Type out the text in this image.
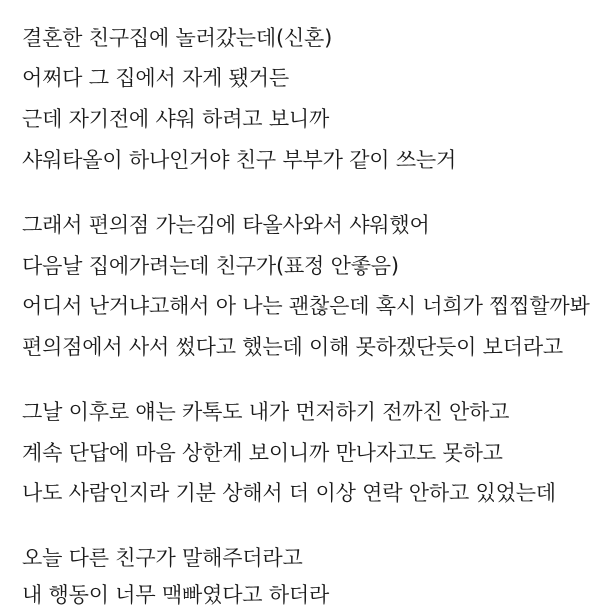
결혼한 친구집에 놀러갔는데(신혼)

어쩌다 그 집에서 자게 됐거든

근데 자기전에 샤워 하려고 보니까

샤워타올이 하나인거야 친구 부부가 같이 쓰는거

그래서 편의점 가는김에 타올사와서 샤워했어

다음날 집에가려는데 친구가(표정 안좋음)

어디서 난거냐고해서 아 나는 괜찮은데 혹시 너희가 찝찝할까봐

편의점에서 사서 썼다고 했는데 이해 못하겠단듯이 보더라고

그날 이후로 얘는 카톡도 내가 먼저하기 전까진 안하고

계속 단답에 마음 상한게 보이니까 만나자고도 못하고

나도 사람인지라 기분 상해서 더 이상 연락 안하고 있었는데

오늘 다른 친구가 말해주더라고

내 행동이 너무 맥빠였다고 하더라
